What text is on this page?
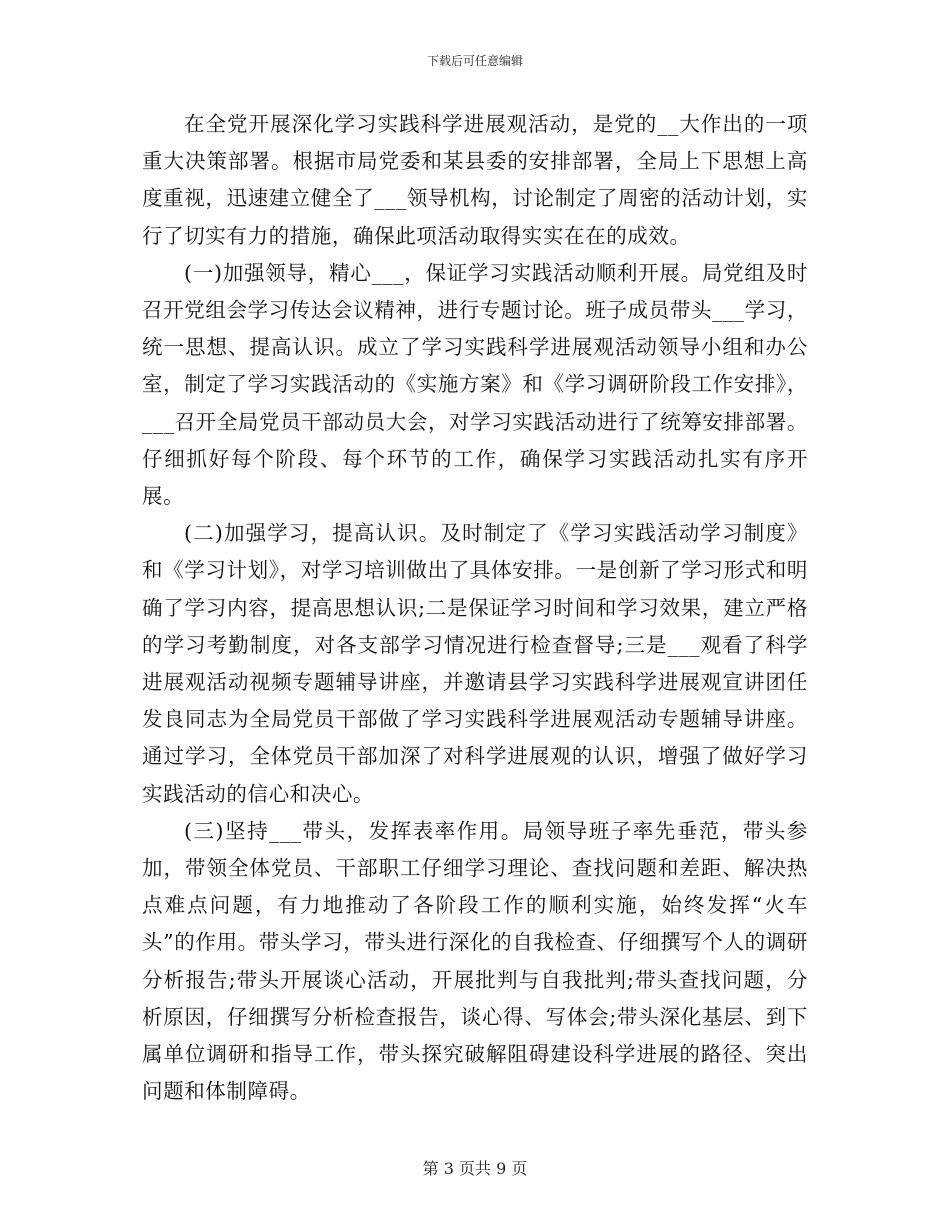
下载后可任意编辑

在全党开展深化学习实践科学进展观活动，是党的__大作出的一项重大决策部署。根据市局党委和某县委的安排部署，全局上下思想上高度重视，迅速建立健全了___领导机构，讨论制定了周密的活动计划，实行了切实有力的措施，确保此项活动取得实实在在的成效。

(一)加强领导，精心___，保证学习实践活动顺利开展。局党组及时召开党组会学习传达会议精神，进行专题讨论。班子成员带头___学习，统一思想、提高认识。成立了学习实践科学进展观活动领导小组和办公室，制定了学习实践活动的《实施方案》和《学习调研阶段工作安排》，___召开全局党员干部动员大会，对学习实践活动进行了统筹安排部署。仔细抓好每个阶段、每个环节的工作，确保学习实践活动扎实有序开展。

(二)加强学习，提高认识。及时制定了《学习实践活动学习制度》和《学习计划》，对学习培训做出了具体安排。一是创新了学习形式和明确了学习内容，提高思想认识;二是保证学习时间和学习效果，建立严格的学习考勤制度，对各支部学习情况进行检查督导;三是___观看了科学进展观活动视频专题辅导讲座，并邀请县学习实践科学进展观宣讲团任发良同志为全局党员干部做了学习实践科学进展观活动专题辅导讲座。通过学习，全体党员干部加深了对科学进展观的认识，增强了做好学习实践活动的信心和决心。

(三)坚持___带头，发挥表率作用。局领导班子率先垂范，带头参加，带领全体党员、干部职工仔细学习理论、查找问题和差距、解决热点难点问题，有力地推动了各阶段工作的顺利实施，始终发挥“火车头”的作用。带头学习，带头进行深化的自我检查、仔细撰写个人的调研分析报告;带头开展谈心活动，开展批判与自我批判;带头查找问题，分析原因，仔细撰写分析检查报告，谈心得、写体会;带头深化基层、到下属单位调研和指导工作，带头探究破解阻碍建设科学进展的路径、突出问题和体制障碍。

第 3 页共 9 页
